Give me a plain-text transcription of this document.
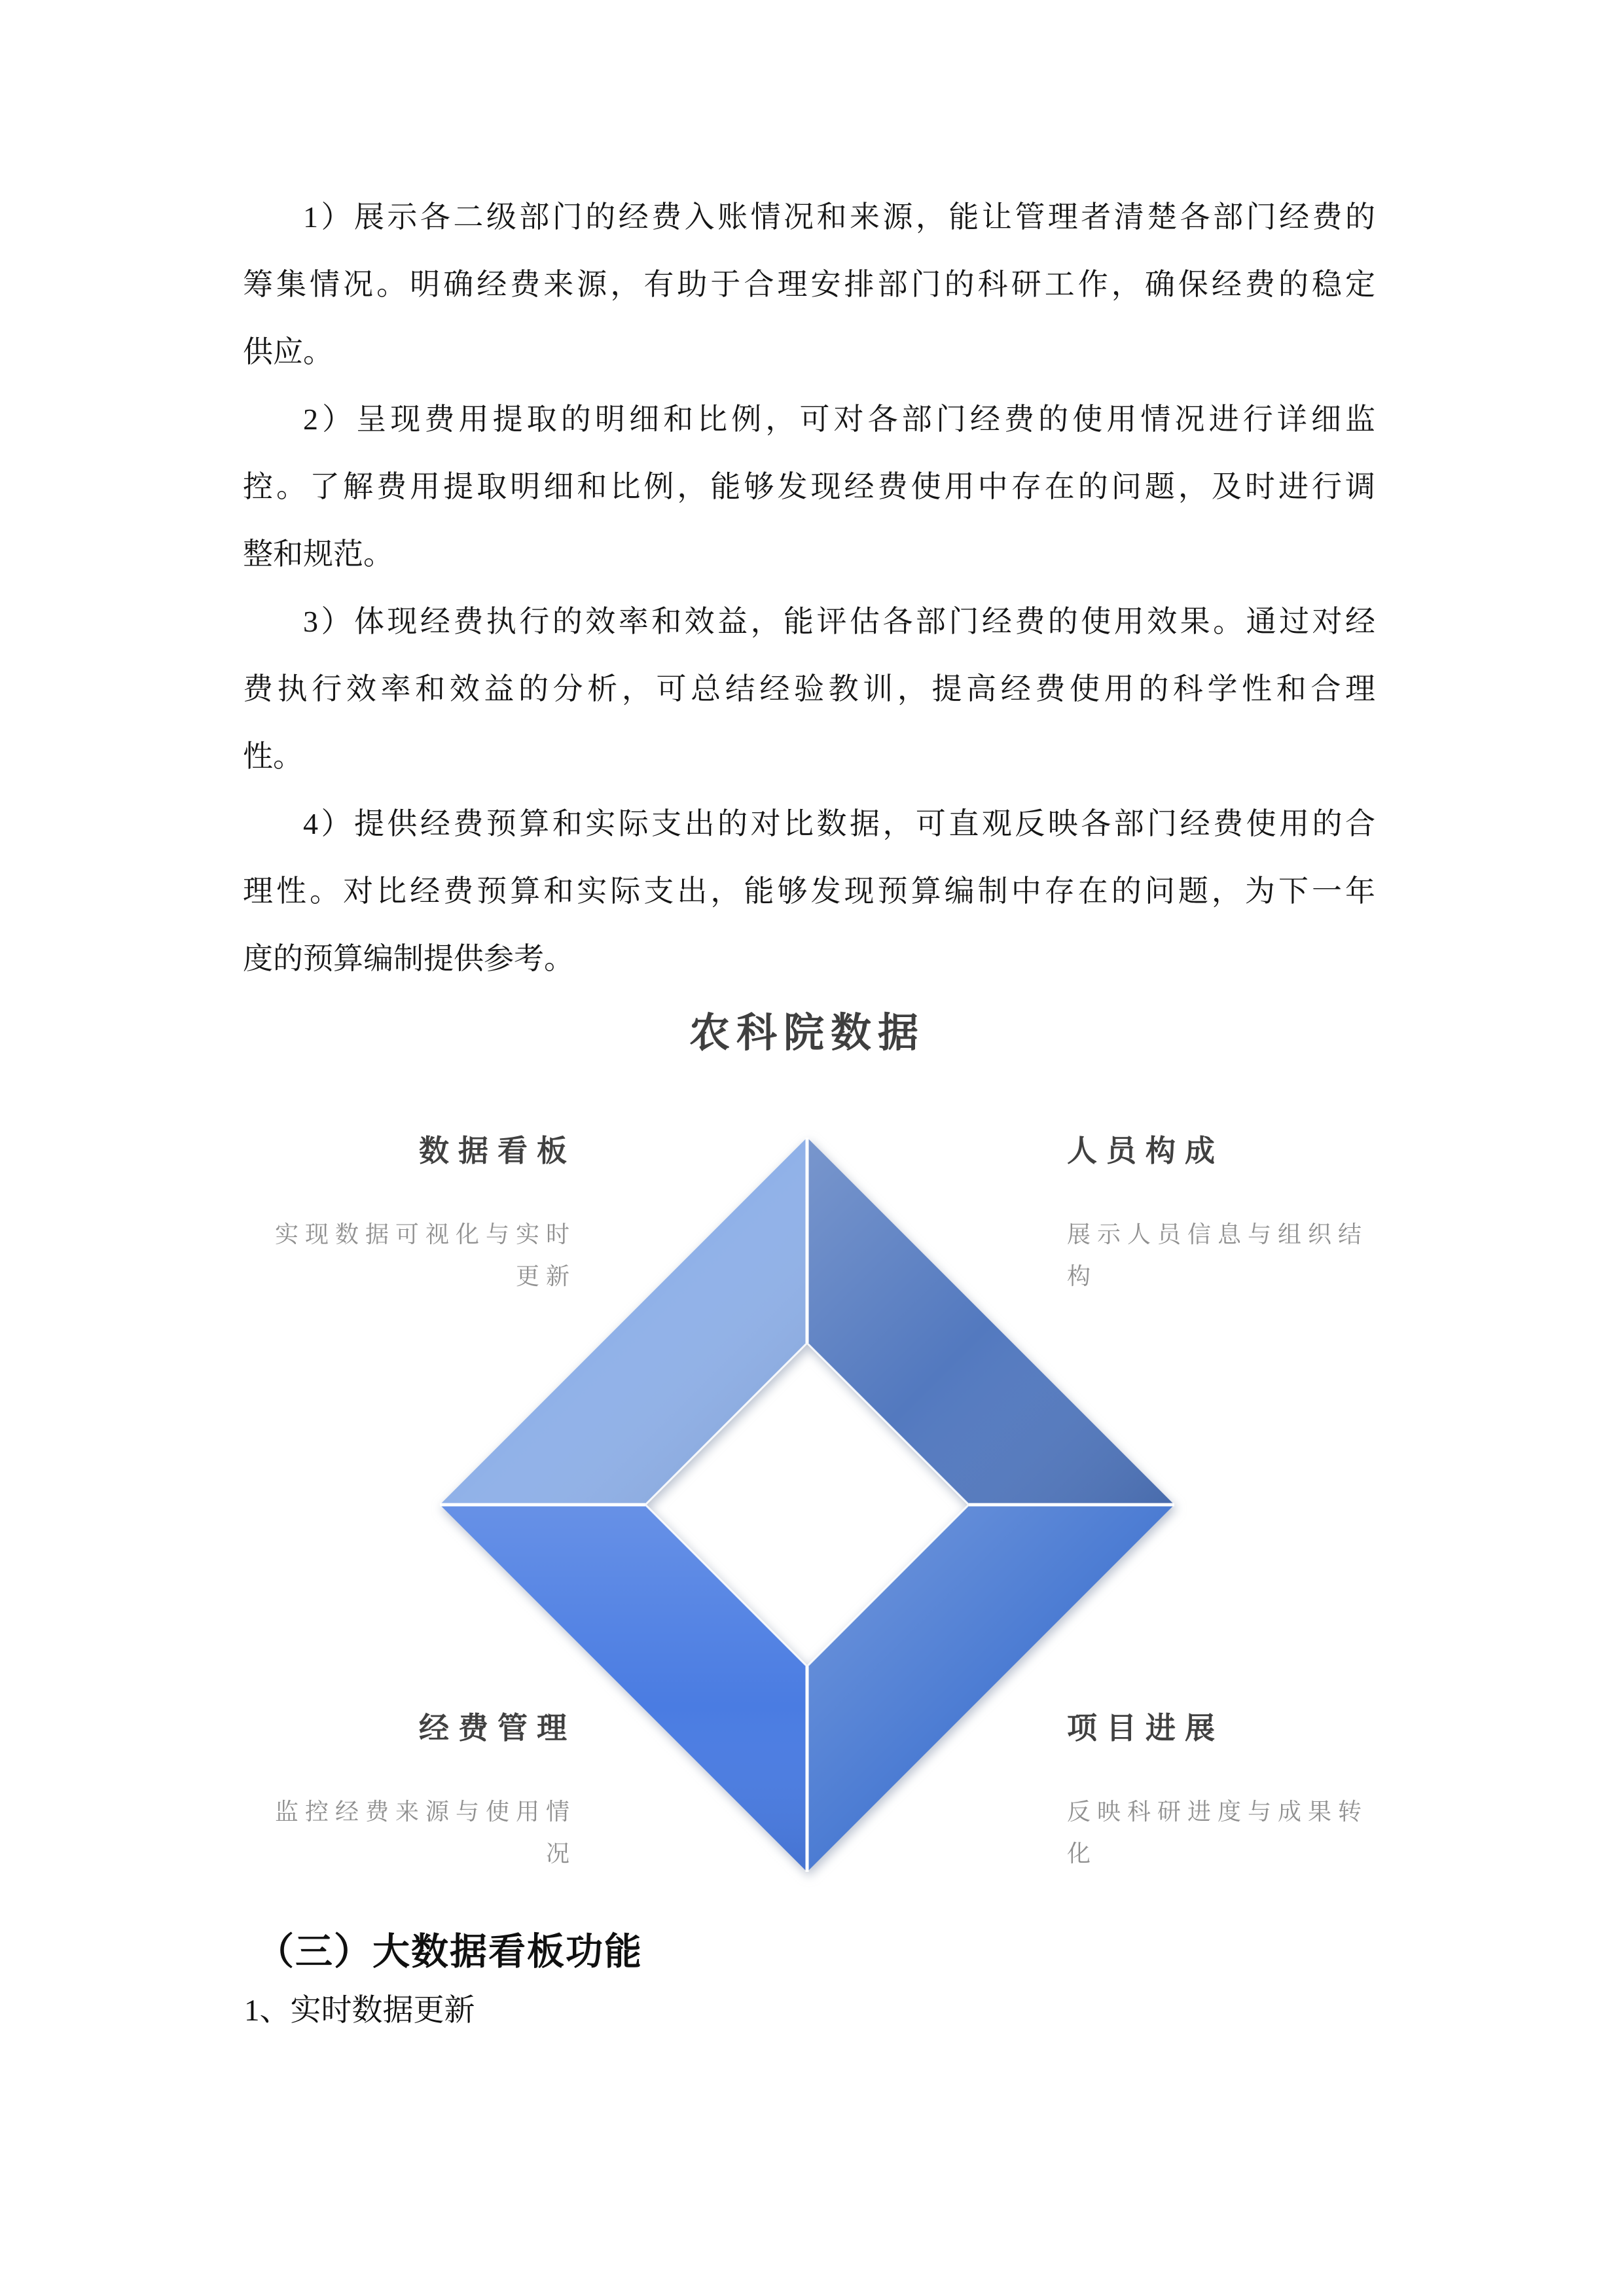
1）展示各二级部门的经费入账情况和来源，能让管理者清楚各部门经费的
筹集情况。明确经费来源，有助于合理安排部门的科研工作，确保经费的稳定
供应。
2）呈现费用提取的明细和比例，可对各部门经费的使用情况进行详细监
控。了解费用提取明细和比例，能够发现经费使用中存在的问题，及时进行调
整和规范。
3）体现经费执行的效率和效益，能评估各部门经费的使用效果。通过对经
费执行效率和效益的分析，可总结经验教训，提高经费使用的科学性和合理
性。
4）提供经费预算和实际支出的对比数据，可直观反映各部门经费使用的合
理性。对比经费预算和实际支出，能够发现预算编制中存在的问题，为下一年
度的预算编制提供参考。
农科院数据
数据看板
实现数据可视化与实时更新
人员构成
展示人员信息与组织结构
经费管理
监控经费来源与使用情况
项目进展
反映科研进度与成果转化
（三）大数据看板功能
1、实时数据更新
